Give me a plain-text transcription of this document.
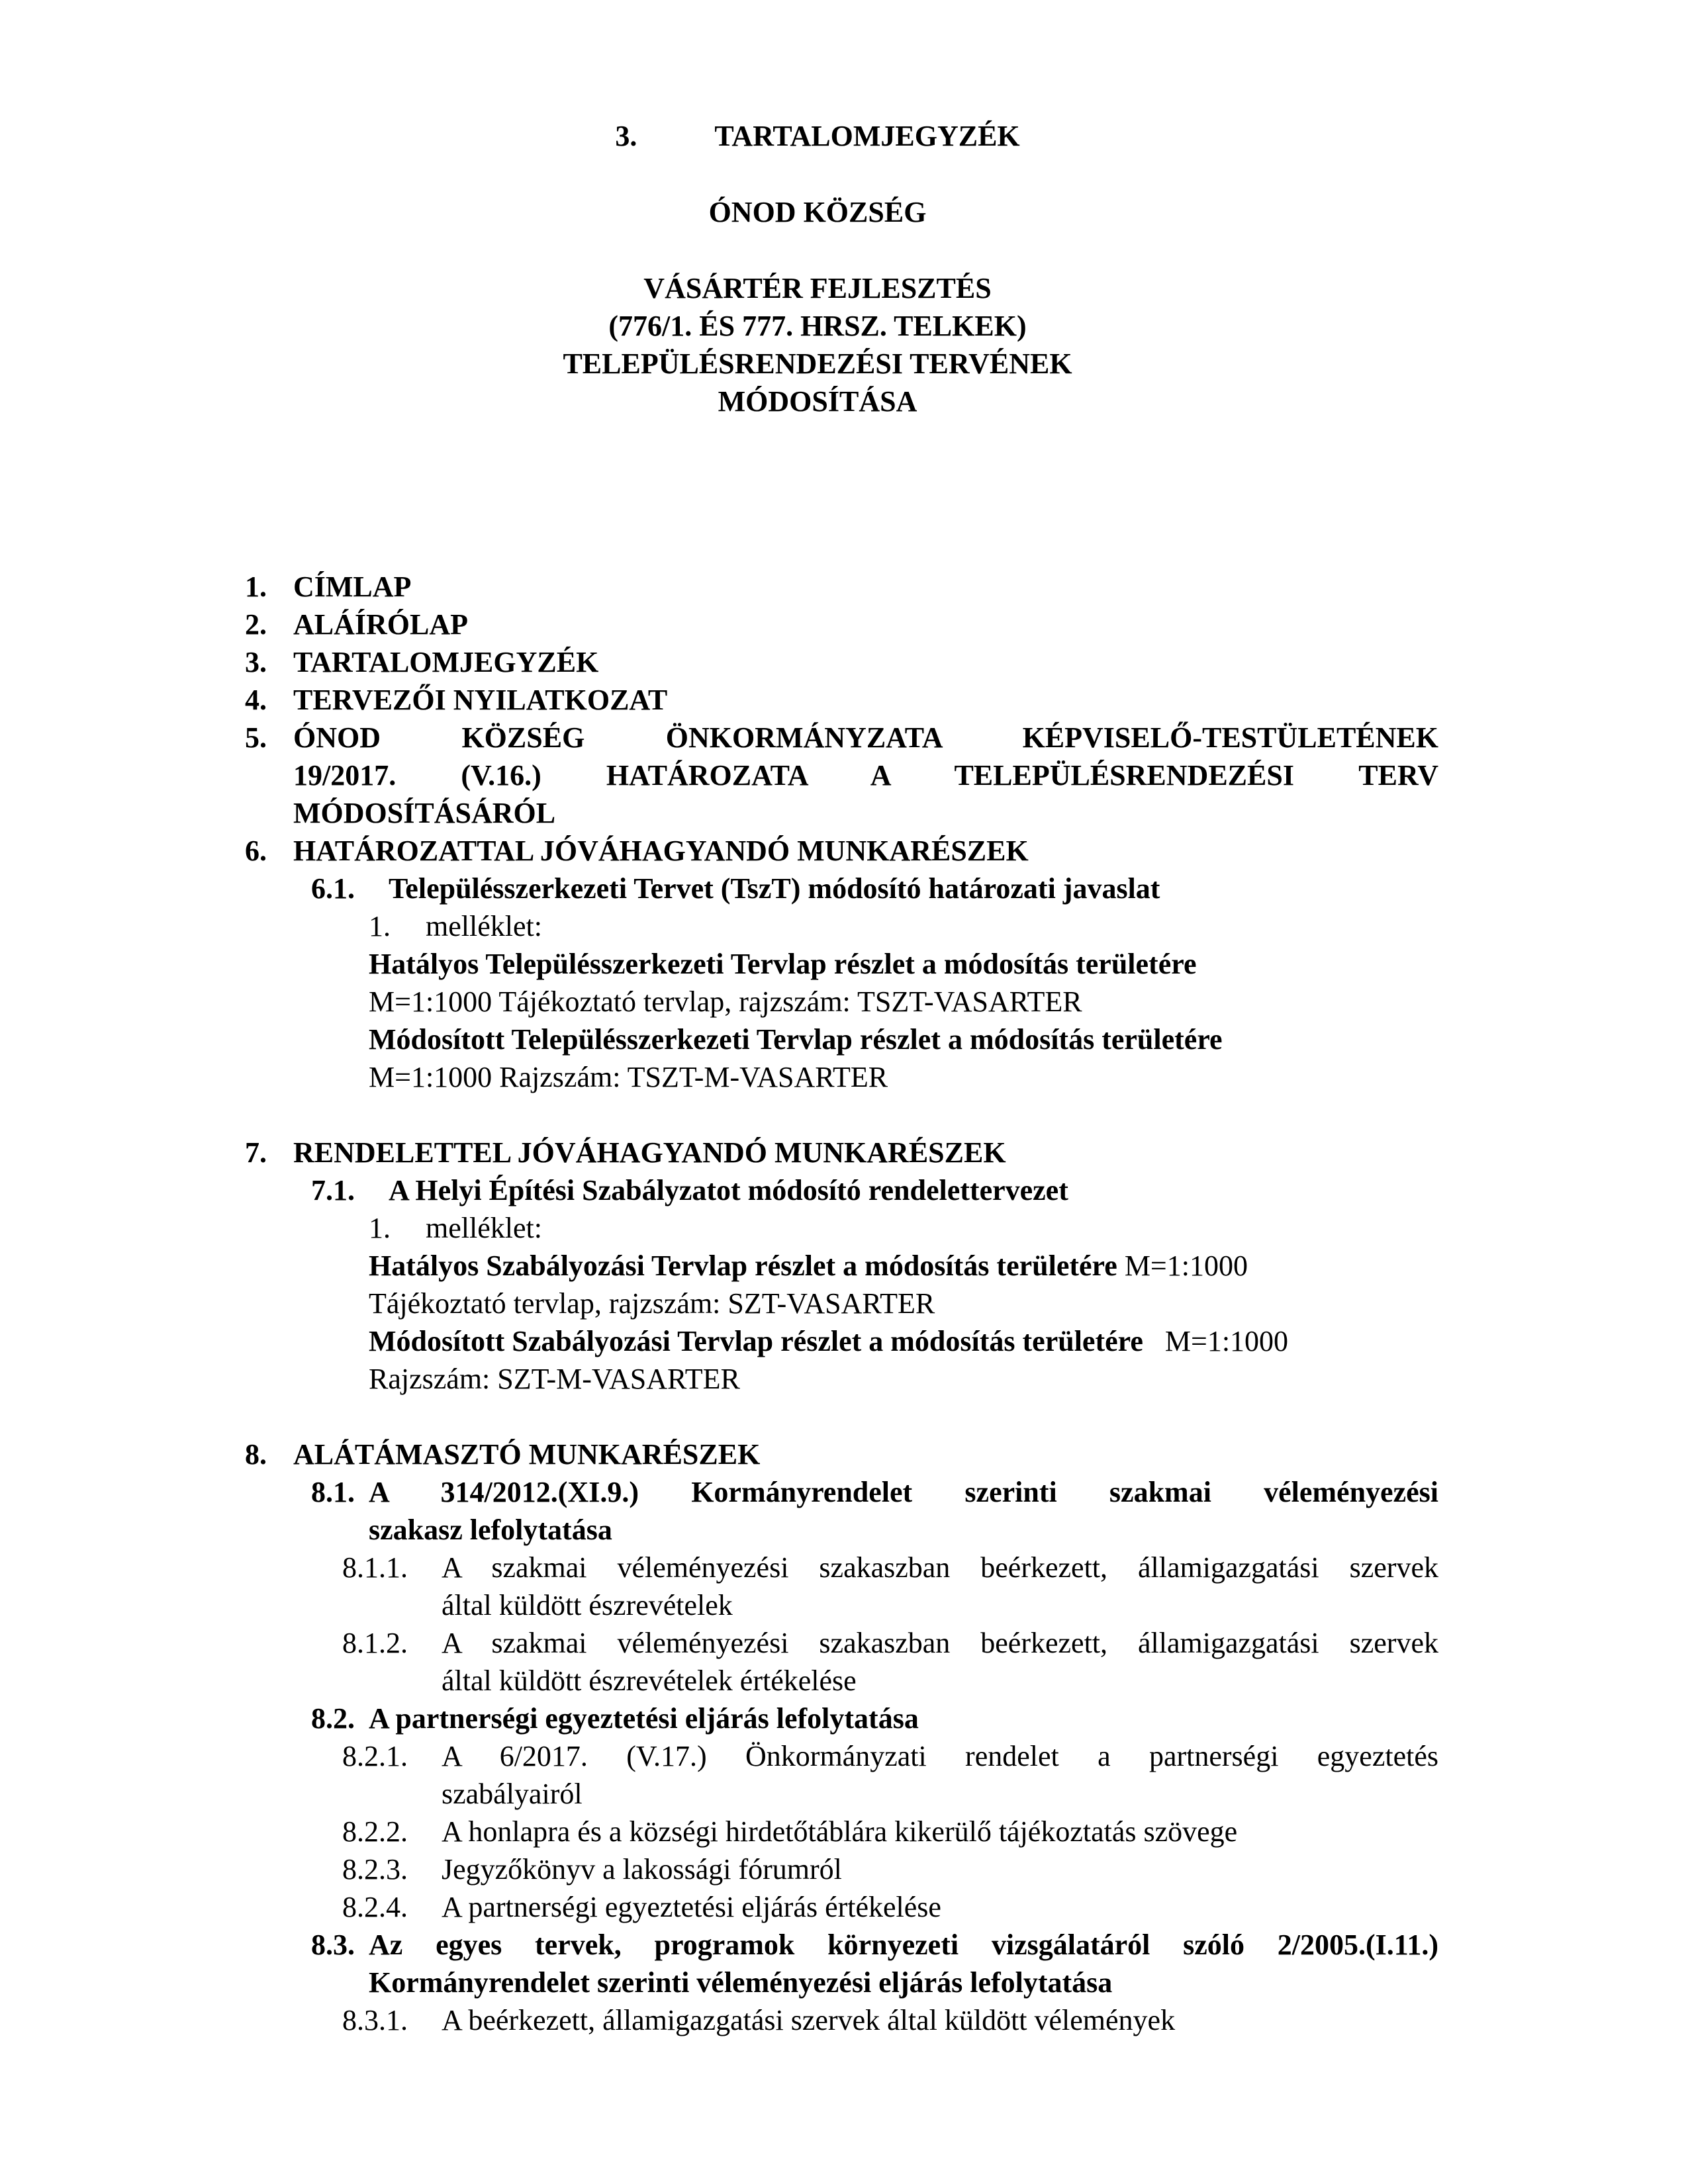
3.	TARTALOMJEGYZÉK
ÓNOD KÖZSÉG
VÁSÁRTÉR FEJLESZTÉS
(776/1. ÉS 777. HRSZ. TELKEK)
TELEPÜLÉSRENDEZÉSI TERVÉNEK
MÓDOSÍTÁSA
1. CÍMLAP
2. ALÁÍRÓLAP
3. TARTALOMJEGYZÉK
4. TERVEZŐI NYILATKOZAT
5. ÓNOD KÖZSÉG ÖNKORMÁNYZATA KÉPVISELŐ-TESTÜLETÉNEK
19/2017. (V.16.) HATÁROZATA A TELEPÜLÉSRENDEZÉSI TERV
MÓDOSÍTÁSÁRÓL
6. HATÁROZATTAL JÓVÁHAGYANDÓ MUNKARÉSZEK
6.1. Településszerkezeti Tervet (TszT) módosító határozati javaslat
1. melléklet:
Hatályos Településszerkezeti Tervlap részlet a módosítás területére
M=1:1000 Tájékoztató tervlap, rajzszám: TSZT-VASARTER
Módosított Településszerkezeti Tervlap részlet a módosítás területére
M=1:1000 Rajzszám: TSZT-M-VASARTER
7. RENDELETTEL JÓVÁHAGYANDÓ MUNKARÉSZEK
7.1. A Helyi Építési Szabályzatot módosító rendelettervezet
1. melléklet:
Hatályos Szabályozási Tervlap részlet a módosítás területére M=1:1000
Tájékoztató tervlap, rajzszám: SZT-VASARTER
Módosított Szabályozási Tervlap részlet a módosítás területére   M=1:1000
Rajzszám: SZT-M-VASARTER
8. ALÁTÁMASZTÓ MUNKARÉSZEK
8.1. A 314/2012.(XI.9.) Kormányrendelet szerinti szakmai véleményezési
szakasz lefolytatása
8.1.1. A szakmai véleményezési szakaszban beérkezett, államigazgatási szervek
által küldött észrevételek
8.1.2. A szakmai véleményezési szakaszban beérkezett, államigazgatási szervek
által küldött észrevételek értékelése
8.2. A partnerségi egyeztetési eljárás lefolytatása
8.2.1. A 6/2017. (V.17.) Önkormányzati rendelet a partnerségi egyeztetés
szabályairól
8.2.2. A honlapra és a községi hirdetőtáblára kikerülő tájékoztatás szövege
8.2.3. Jegyzőkönyv a lakossági fórumról
8.2.4. A partnerségi egyeztetési eljárás értékelése
8.3. Az egyes tervek, programok környezeti vizsgálatáról szóló 2/2005.(I.11.)
Kormányrendelet szerinti véleményezési eljárás lefolytatása
8.3.1. A beérkezett, államigazgatási szervek által küldött vélemények
